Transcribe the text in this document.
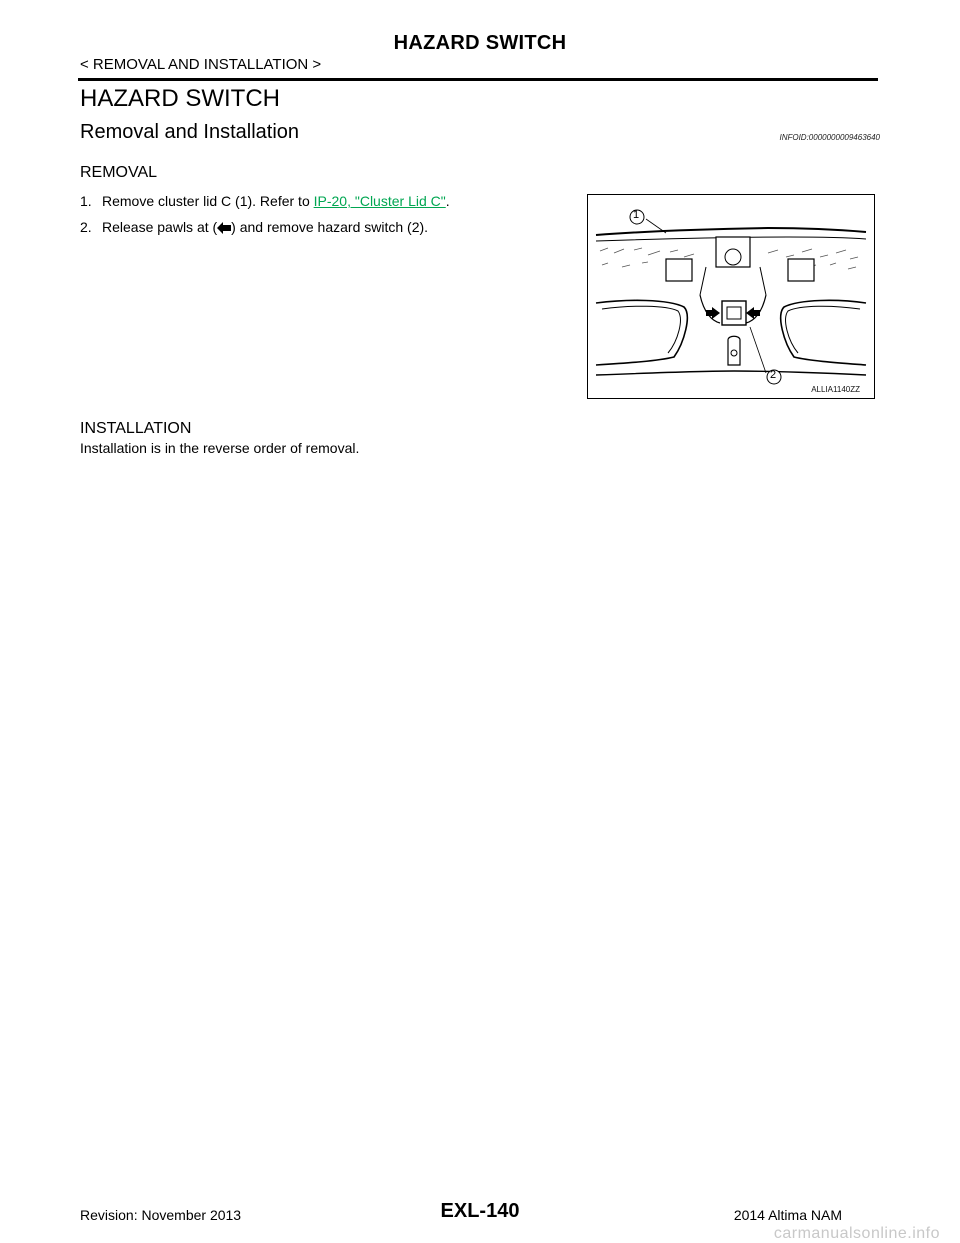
HAZARD SWITCH
< REMOVAL AND INSTALLATION >
HAZARD SWITCH
Removal and Installation	INFOID:0000000009463640
REMOVAL
1. Remove cluster lid C (1). Refer to IP-20, "Cluster Lid C".
2. Release pawls at ( ) and remove hazard switch (2).
1
2
ALLIA1140ZZ
INSTALLATION
Installation is in the reverse order of removal.
Revision: November 2013	EXL-140	2014 Altima NAM
carmanualsonline.info
